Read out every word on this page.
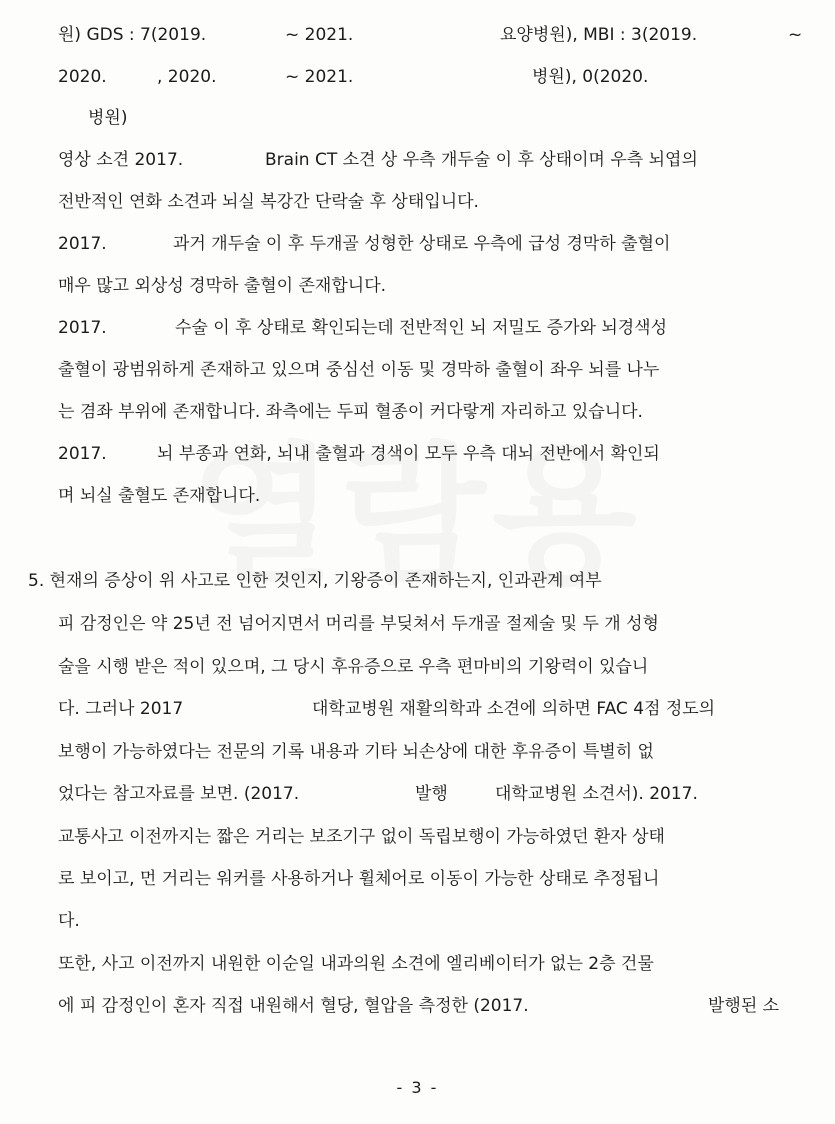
원) GDS : 7(2019.	~ 2021.	요양병원), MBI : 3(2019.	~
2020.	, 2020.	~ 2021.	병원), 0(2020.
병원)
영상 소견 2017.	Brain CT 소견 상 우측 개두술 이 후 상태이며 우측 뇌엽의
전반적인 연화 소견과 뇌실 복강간 단락술 후 상태입니다.
2017.	과거 개두술 이 후 두개골 성형한 상태로 우측에 급성 경막하 출혈이
매우 많고 외상성 경막하 출혈이 존재합니다.
2017.	수술 이 후 상태로 확인되는데 전반적인 뇌 저밀도 증가와 뇌경색성
출혈이 광범위하게 존재하고 있으며 중심선 이동 및 경막하 출혈이 좌우 뇌를 나누
는 겸좌 부위에 존재합니다. 좌측에는 두피 혈종이 커다랗게 자리하고 있습니다.
2017.	뇌 부종과 연화, 뇌내 출혈과 경색이 모두 우측 대뇌 전반에서 확인되
며 뇌실 출혈도 존재합니다.
5. 현재의 증상이 위 사고로 인한 것인지, 기왕증이 존재하는지, 인과관계 여부
피 감정인은 약 25년 전 넘어지면서 머리를 부딪쳐서 두개골 절제술 및 두 개 성형
술을 시행 받은 적이 있으며, 그 당시 후유증으로 우측 편마비의 기왕력이 있습니
다. 그러나 2017	대학교병원 재활의학과 소견에 의하면 FAC 4점 정도의
보행이 가능하였다는 전문의 기록 내용과 기타 뇌손상에 대한 후유증이 특별히 없
었다는 참고자료를 보면. (2017.	발행	대학교병원 소견서). 2017.
교통사고 이전까지는 짧은 거리는 보조기구 없이 독립보행이 가능하였던 환자 상태
로 보이고, 먼 거리는 워커를 사용하거나 휠체어로 이동이 가능한 상태로 추정됩니
다.
또한, 사고 이전까지 내원한 이순일 내과의원 소견에 엘리베이터가 없는 2층 건물
에 피 감정인이 혼자 직접 내원해서 혈당, 혈압을 측정한 (2017.	발행된 소
- 3 -
